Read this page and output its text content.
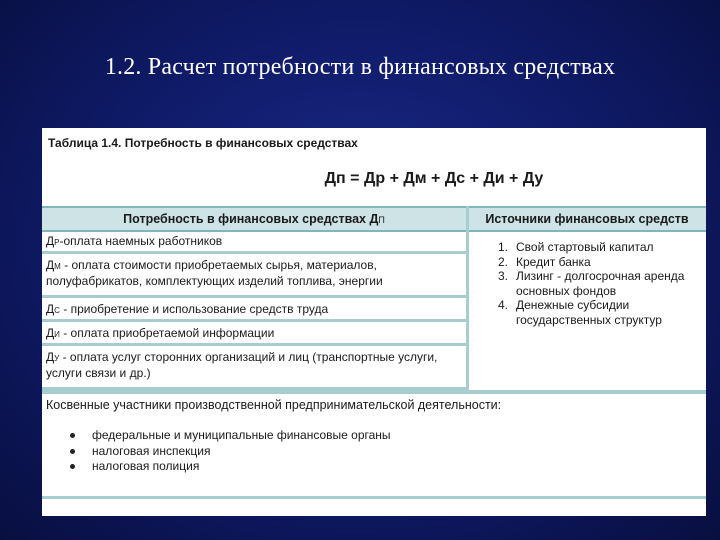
1.2. Расчет потребности в финансовых средствах
Таблица 1.4. Потребность в финансовых средствах
Дп = Др + Дм + Дс + Ди + Ду
Потребность в финансовых средствах ДП	Источники финансовых средств
ДР-оплата наемных работников
ДМ - оплата стоимости приобретаемых сырья, материалов, полуфабрикатов, комплектующих изделий топлива, энергии
ДС - приобретение и использование средств труда
ДИ - оплата приобретаемой информации
ДУ - оплата услуг сторонних организаций и лиц (транспортные услуги, услуги связи и др.)
1. Свой стартовый капитал
2. Кредит банка
3. Лизинг - долгосрочная аренда основных фондов
4. Денежные субсидии государственных структур
Косвенные участники производственной предпринимательской деятельности:
федеральные и муниципальные финансовые органы
налоговая инспекция
налоговая полиция
